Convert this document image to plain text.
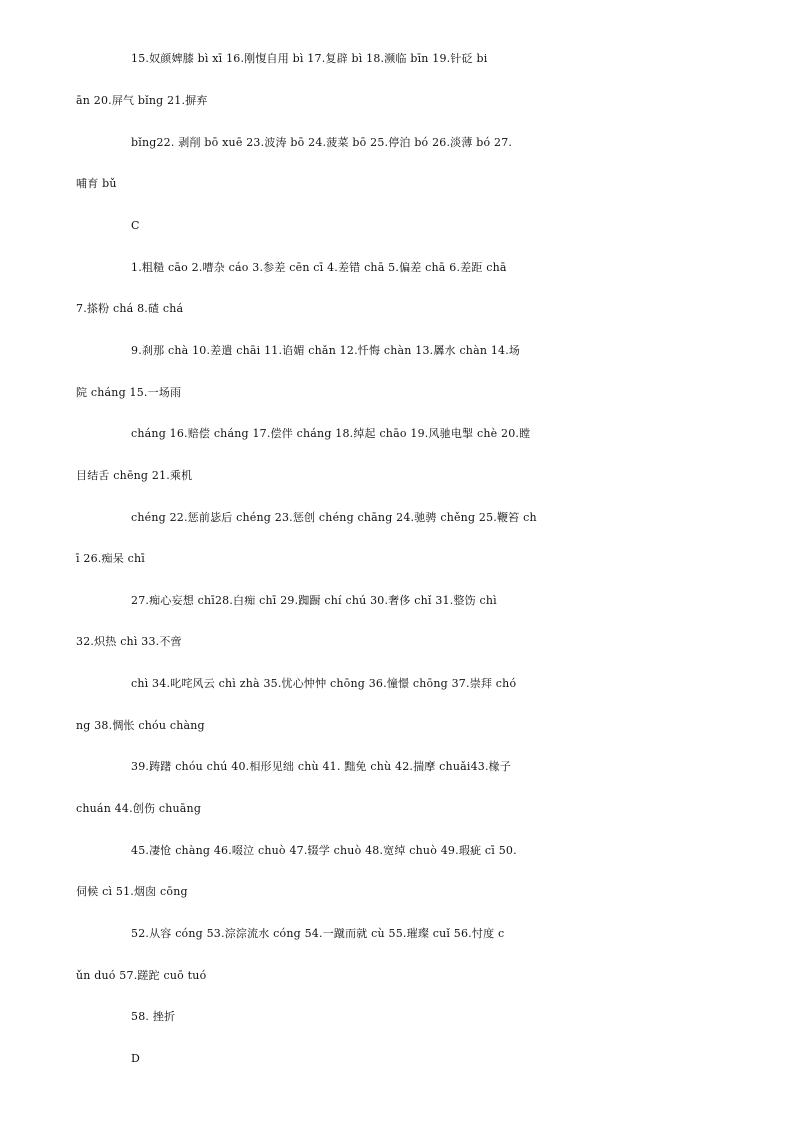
15.奴颜婢膝 bì xī 16.刚愎自用 bì 17.复辟 bì 18.濒临 bīn 19.针砭 bi
ān 20.屏气 bǐng 21.摒弃
bǐng22. 剥削 bō xuē 23.波涛 bō 24.菠菜 bō 25.停泊 bó 26.淡薄 bó 27.
哺育 bǔ
C
1.粗糙 cāo 2.嘈杂 cáo 3.参差 cēn cī 4.差错 chā 5.偏差 chā 6.差距 chā
7.搽粉 chá 8.碴 chá
9.刹那 chà 10.差遣 chāi 11.谄媚 chǎn 12.忏悔 chàn 13.羼水 chàn 14.场
院 cháng 15.一场雨
cháng 16.赔偿 cháng 17.偿伴 cháng 18.绰起 chāo 19.风驰电掣 chè 20.瞠
目结舌 chēng 21.乘机
chéng 22.惩前毖后 chéng 23.惩创 chéng chāng 24.驰骋 chěng 25.鞭笞 ch
ī 26.痴呆 chī
27.痴心妄想 chī28.白痴 chī 29.踟蹰 chí chú 30.奢侈 chǐ 31.整饬 chì
32.炽热 chì 33.不啻
chì 34.叱咤风云 chì zhà 35.忧心忡忡 chōng 36.憧憬 chōng 37.崇拜 chó
ng 38.惆怅 chóu chàng
39.踌躇 chóu chú 40.相形见绌 chù 41. 黜免 chù 42.揣摩 chuǎi43.椽子
chuán 44.创伤 chuāng
45.凄怆 chàng 46.啜泣 chuò 47.辍学 chuò 48.宽绰 chuò 49.瑕疵 cī 50.
伺候 cì 51.烟囱 cōng
52.从容 cóng 53.淙淙流水 cóng 54.一蹴而就 cù 55.璀璨 cuǐ 56.忖度 c
ǔn duó 57.蹉跎 cuō tuó
58. 挫折
D
